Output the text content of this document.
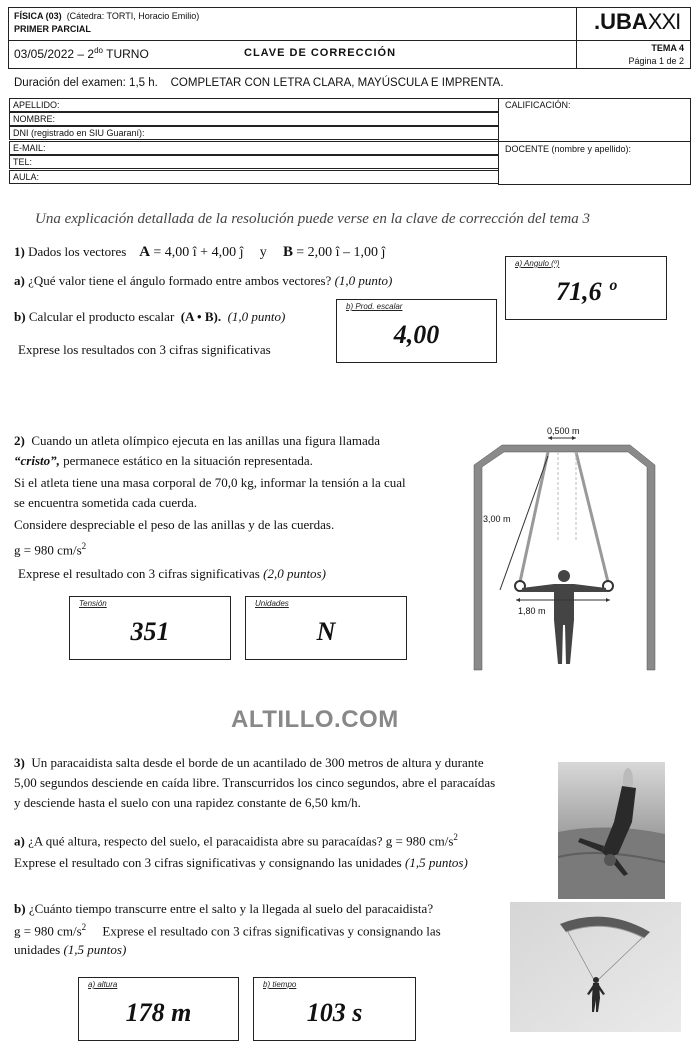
FÍSICA (03) (Cátedra: TORTI, Horacio Emilio)
PRIMER PARCIAL
$03/05/2022 - 2^{do}$ TURNO	CLAVE DE CORRECCIÓN
.UBAXXI
TEMA 4
Página 1 de 2
Duración del examen: 1,5 h. COMPLETAR CON LETRA CLARA, MAYÚSCULA E IMPRENTA.
APELLIDO:
NOMBRE:
DNI (registrado en SIU Guaraní):
E-MAIL:
TEL:
AULA:
CALIFICACIÓN:
DOCENTE (nombre y apellido):
Una explicación detallada de la resolución puede verse en la clave de corrección del tema 3
1) Dados los vectores A = 4,00 î + 4,00 ĵ y B = 2,00 î – 1,00 ĵ
a) ¿Qué valor tiene el ángulo formado entre ambos vectores? (1,0 punto)
b) Calcular el producto escalar (A • B). (1,0 punto)
Exprese los resultados con 3 cifras significativas
a) Angulo (º)
71,6 º
b) Prod. escalar
4,00
2) Cuando un atleta olímpico ejecuta en las anillas una figura llamada
“cristo”, permanece estático en la situación representada.
Si el atleta tiene una masa corporal de 70,0 kg, informar la tensión a la cual
se encuentra sometida cada cuerda.
Considere despreciable el peso de las anillas y de las cuerdas.
g = 980 $cm/s^2$
Exprese el resultado con 3 cifras significativas (2,0 puntos)
Tensión
351
Unidades
N
0,500 m
3,00 m
1,80 m
ALTILLO.COM
3) Un paracaidista salta desde el borde de un acantilado de 300 metros de altura y durante
5,00 segundos desciende en caída libre. Transcurridos los cinco segundos, abre el paracaídas
y desciende hasta el suelo con una rapidez constante de 6,50 km/h.
a) ¿A qué altura, respecto del suelo, el paracaidista abre su paracaídas? g = 980 $cm/s^2$
Exprese el resultado con 3 cifras significativas y consignando las unidades (1,5 puntos)
b) ¿Cuánto tiempo transcurre entre el salto y la llegada al suelo del paracaidista?
g = 980 $cm/s^2$ Exprese el resultado con 3 cifras significativas y consignando las
unidades (1,5 puntos)
a) altura
178 m
b) tiempo
103 s
